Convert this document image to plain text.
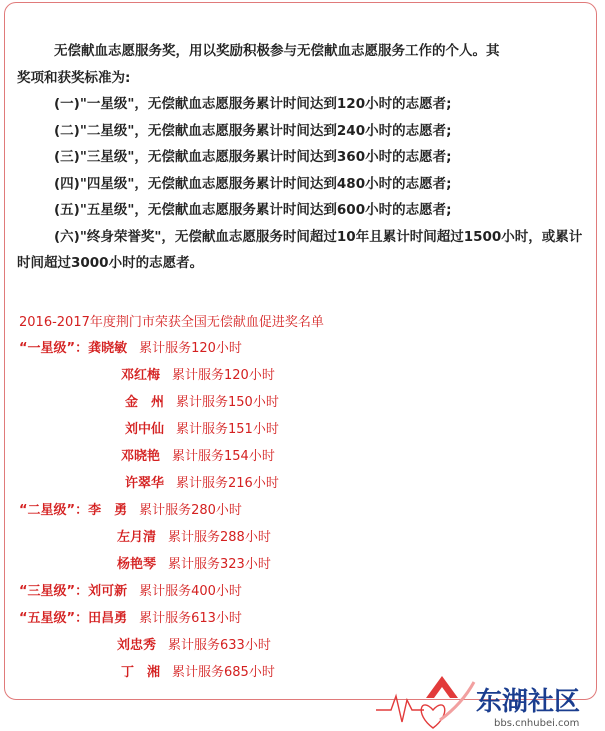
无偿献血志愿服务奖，用以奖励积极参与无偿献血志愿服务工作的个人。其

奖项和获奖标准为:

(一)"一星级"，无偿献血志愿服务累计时间达到120小时的志愿者;

(二)"二星级"，无偿献血志愿服务累计时间达到240小时的志愿者;

(三)"三星级"，无偿献血志愿服务累计时间达到360小时的志愿者;

(四)"四星级"，无偿献血志愿服务累计时间达到480小时的志愿者;

(五)"五星级"，无偿献血志愿服务累计时间达到600小时的志愿者;

(六)"终身荣誉奖"，无偿献血志愿服务时间超过10年且累计时间超过1500小时，或累计时间超过3000小时的志愿者。

2016-2017年度荆门市荣获全国无偿献血促进奖名单
“一星级”：龚晓敏 累计服务120小时
邓红梅 累计服务120小时
金　州 累计服务150小时
刘中仙 累计服务151小时
邓晓艳 累计服务154小时
许翠华 累计服务216小时
“二星级”：李　勇 累计服务280小时
左月清 累计服务288小时
杨艳琴 累计服务323小时
“三星级”：刘可新 累计服务400小时
“五星级”：田昌勇 累计服务613小时
刘忠秀 累计服务633小时
丁　湘 累计服务685小时
东湖社区
bbs.cnhubei.com
